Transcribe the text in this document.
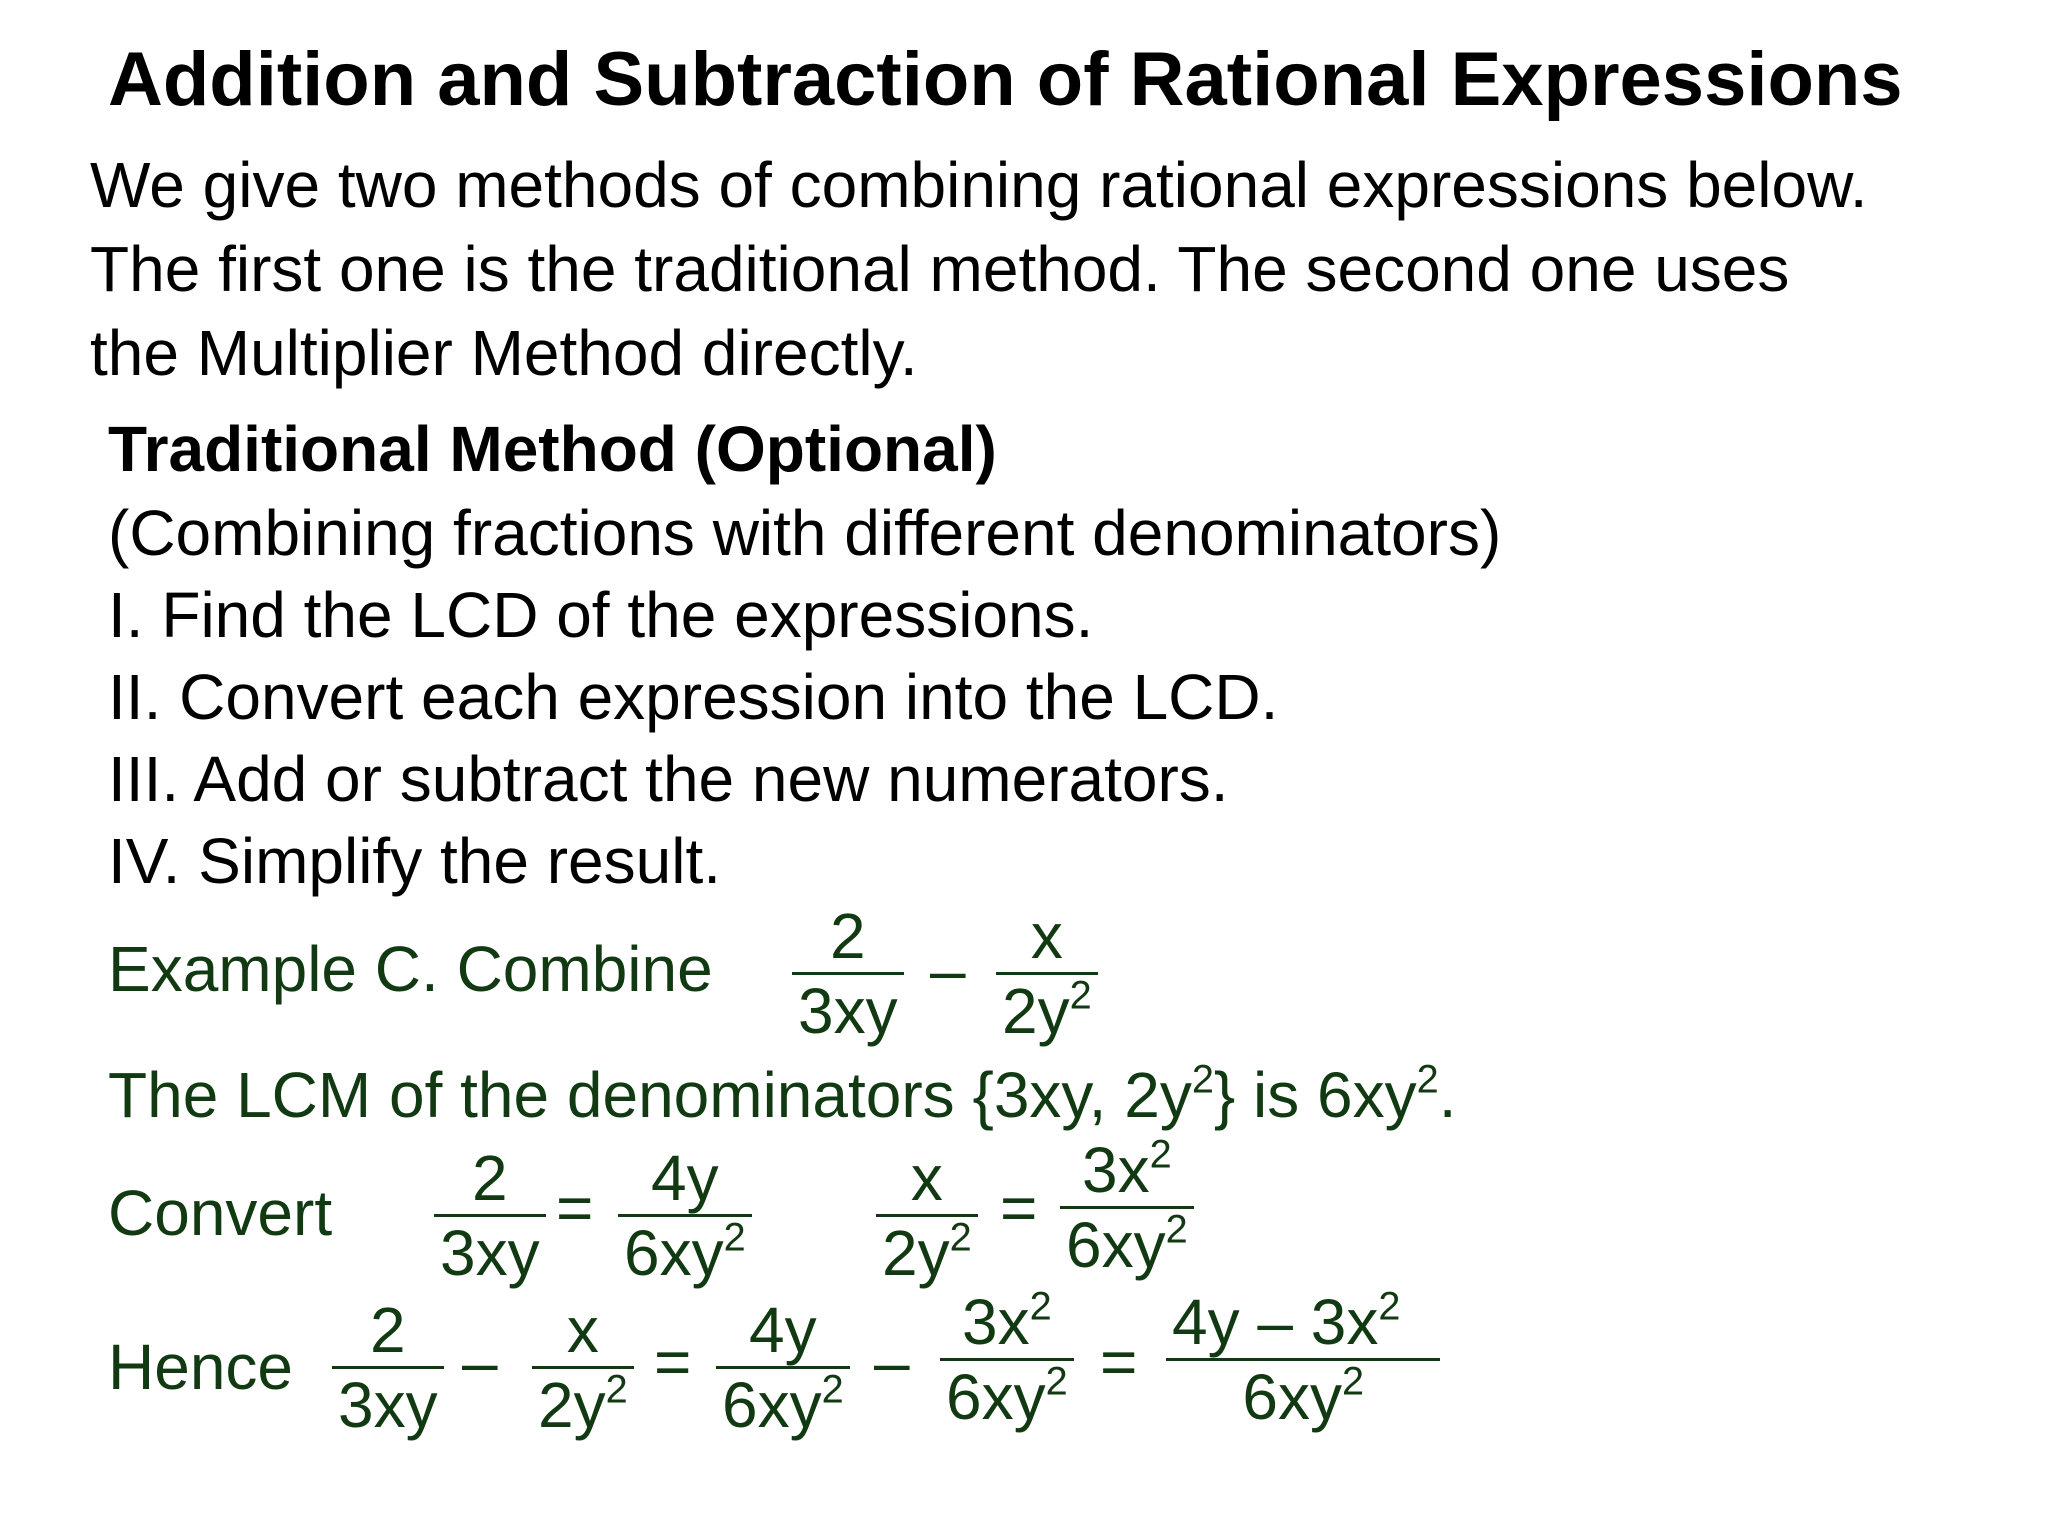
Addition and Subtraction of Rational Expressions
We give two methods of combining rational expressions below.
The first one is the traditional method. The second one uses
the Multiplier Method directly.
Traditional Method (Optional)
(Combining fractions with different denominators)
I. Find the LCD of the expressions.
II. Convert each expression into the LCD.
III. Add or subtract the new numerators.
IV. Simplify the result.
Example C. Combine 2
3xy
– x
$2y^2$
The LCM of the denominators {3xy, $2y^2$} is $6xy^2$.
Convert 2
3xy
= 4y
$6xy^2$
x
$2y^2$ =
$3x^2$
$6xy^2$
Hence
2
3xy
– x
$2y^2 = 4y$
$6xy^2$ –
$3x^2$
$6xy^2$ =
$4y - 3x^2$
$6xy^2$
